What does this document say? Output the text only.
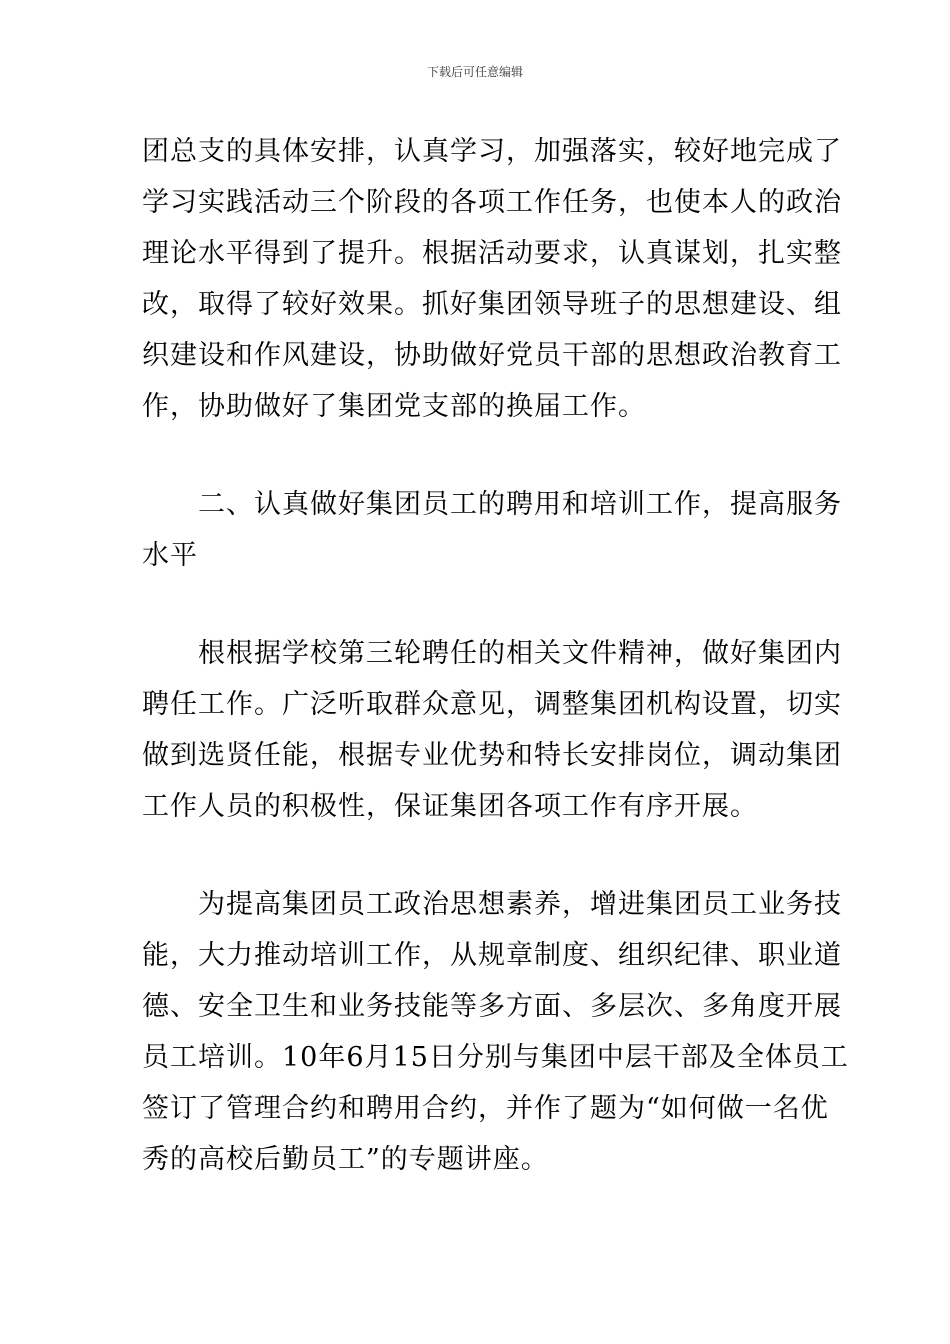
下载后可任意编辑
团总支的具体安排，认真学习，加强落实，较好地完成了
学习实践活动三个阶段的各项工作任务，也使本人的政治
理论水平得到了提升。根据活动要求，认真谋划，扎实整
改，取得了较好效果。抓好集团领导班子的思想建设、组
织建设和作风建设，协助做好党员干部的思想政治教育工
作，协助做好了集团党支部的换届工作。
二、认真做好集团员工的聘用和培训工作，提高服务
水平
根根据学校第三轮聘任的相关文件精神，做好集团内
聘任工作。广泛听取群众意见，调整集团机构设置，切实
做到选贤任能，根据专业优势和特长安排岗位，调动集团
工作人员的积极性，保证集团各项工作有序开展。
为提高集团员工政治思想素养，增进集团员工业务技
能，大力推动培训工作，从规章制度、组织纪律、职业道
德、安全卫生和业务技能等多方面、多层次、多角度开展
员工培训。10年6月15日分别与集团中层干部及全体员工
签订了管理合约和聘用合约，并作了题为“如何做一名优
秀的高校后勤员工”的专题讲座。
